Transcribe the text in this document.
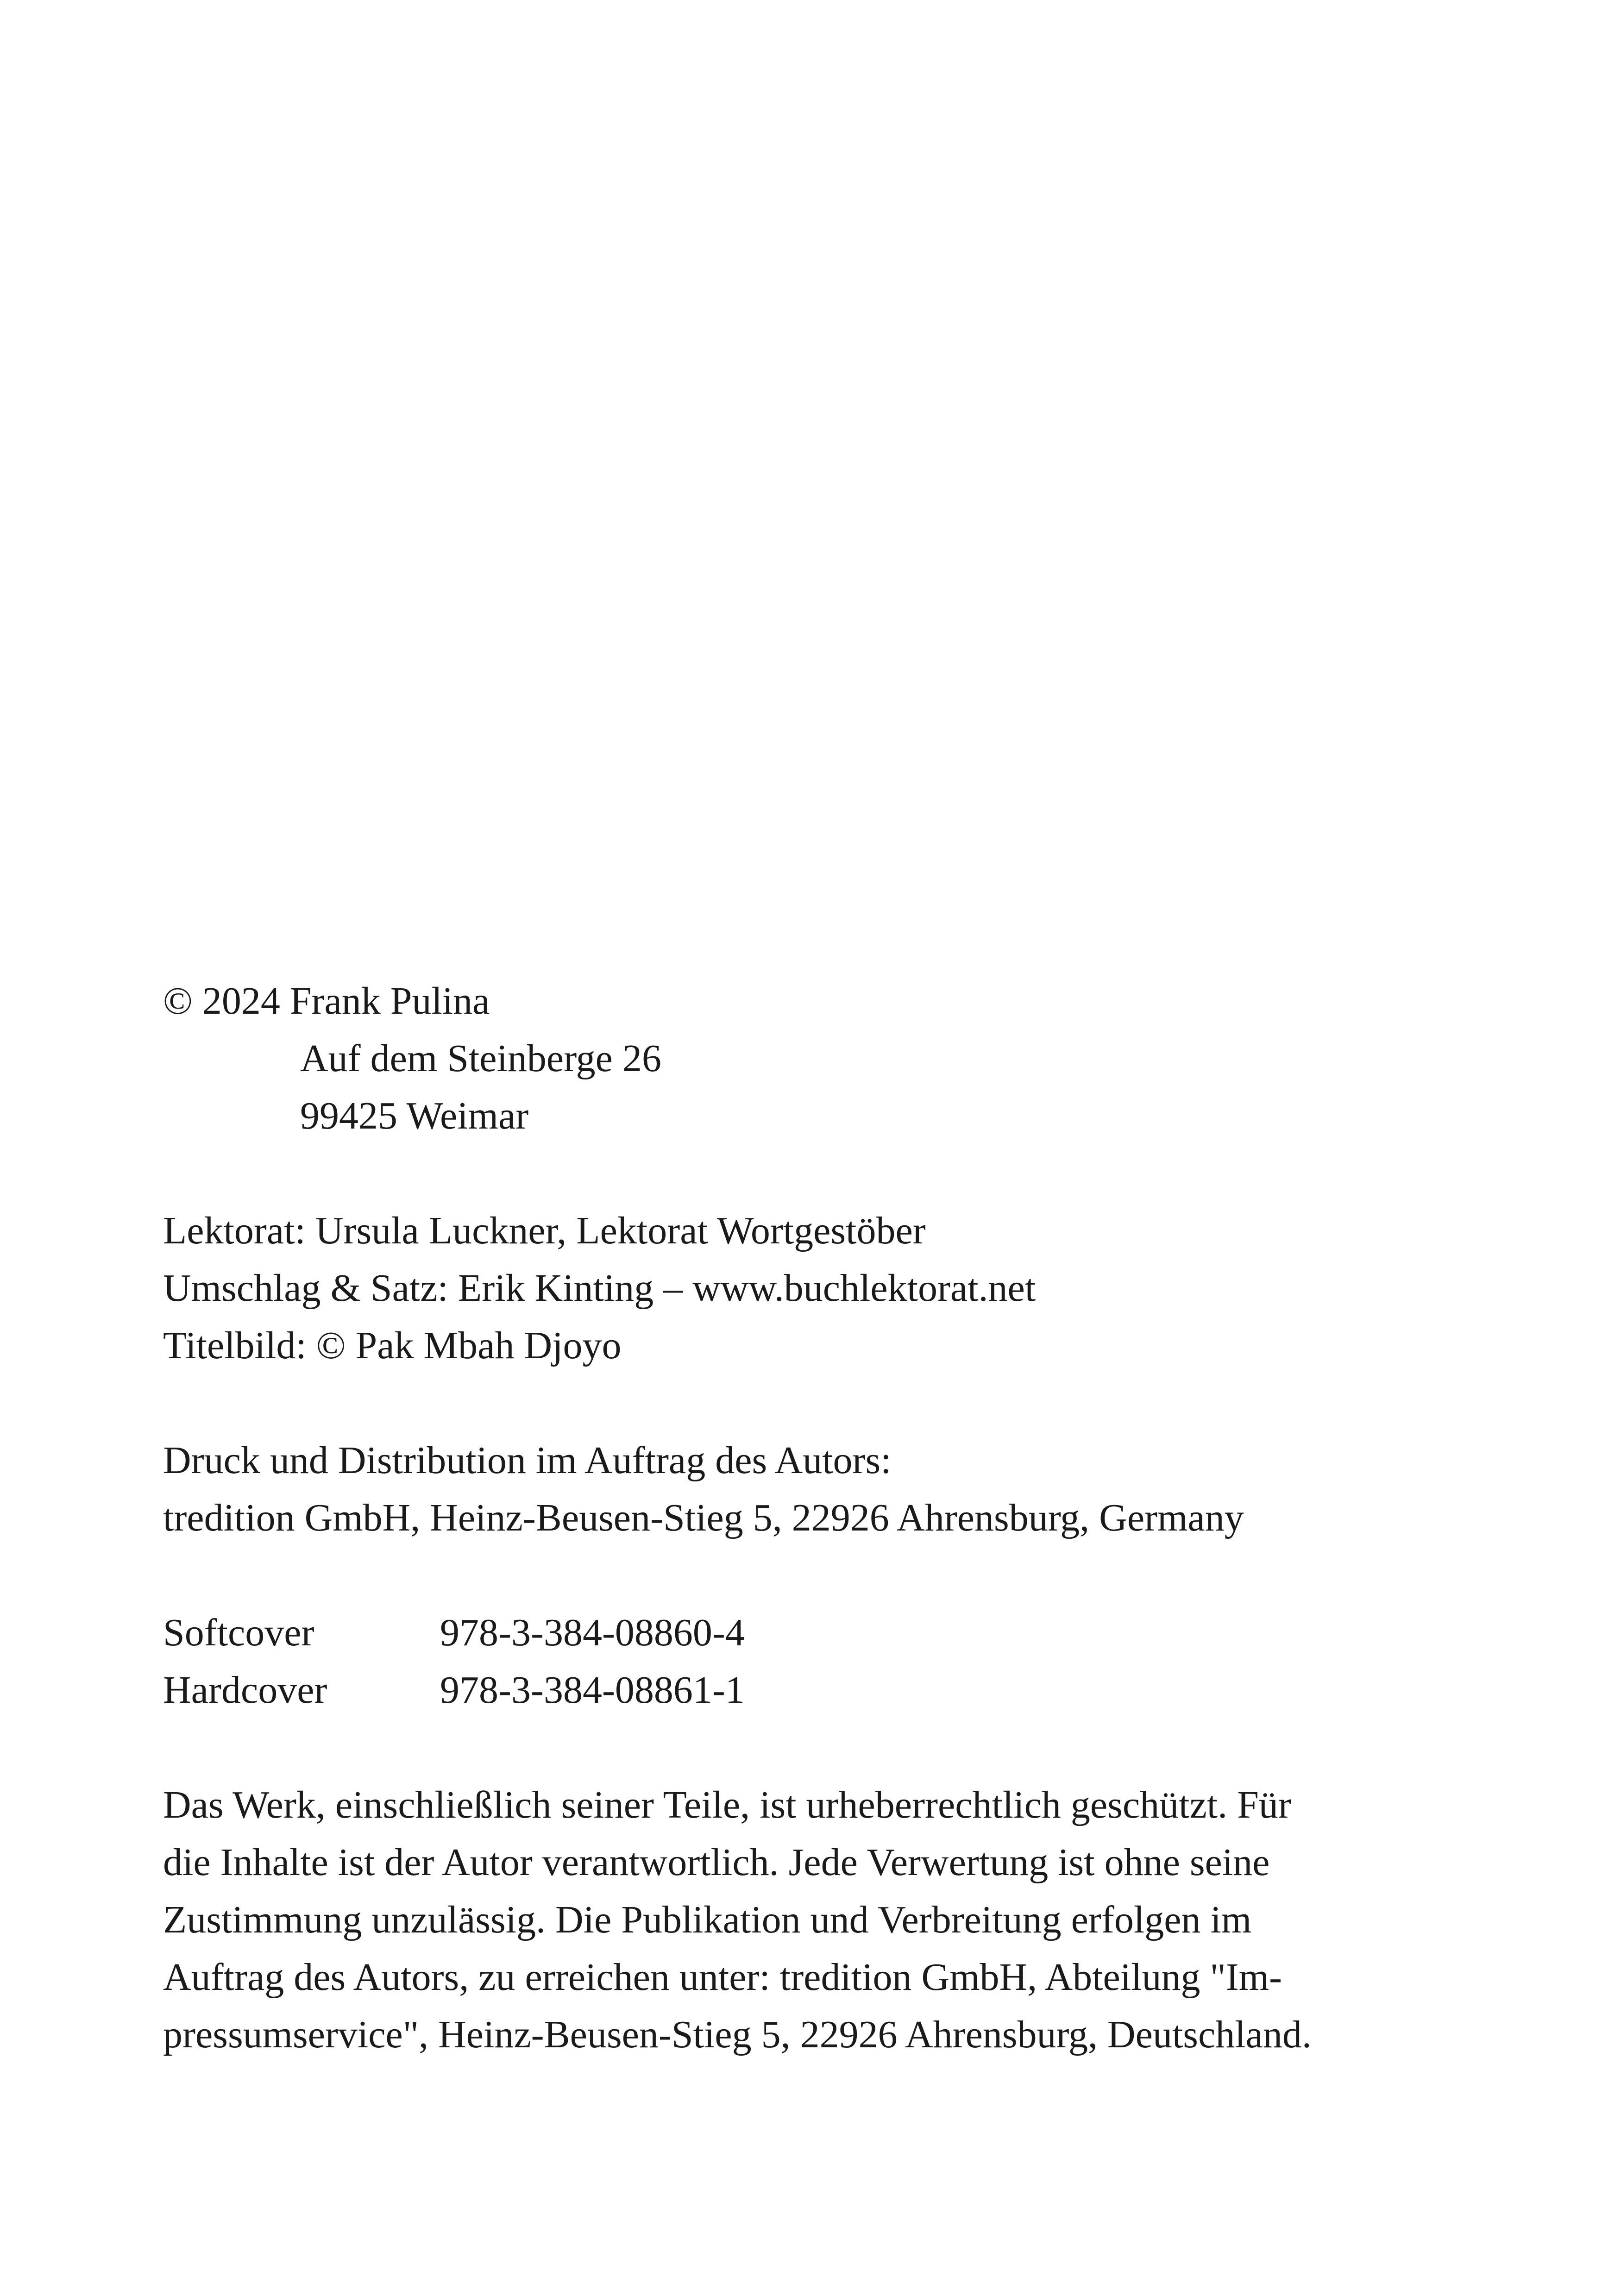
© 2024 Frank Pulina
Auf dem Steinberge 26
99425 Weimar
Lektorat: Ursula Luckner, Lektorat Wortgestöber
Umschlag & Satz: Erik Kinting – www.buchlektorat.net
Titelbild: © Pak Mbah Djoyo
Druck und Distribution im Auftrag des Autors:
tredition GmbH, Heinz-Beusen-Stieg 5, 22926 Ahrensburg, Germany
Softcover	978-3-384-08860-4
Hardcover	978-3-384-08861-1
Das Werk, einschließlich seiner Teile, ist urheberrechtlich geschützt. Für
die Inhalte ist der Autor verantwortlich. Jede Verwertung ist ohne seine
Zustimmung unzulässig. Die Publikation und Verbreitung erfolgen im
Auftrag des Autors, zu erreichen unter: tredition GmbH, Abteilung "Im-
pressumservice", Heinz-Beusen-Stieg 5, 22926 Ahrensburg, Deutschland.
